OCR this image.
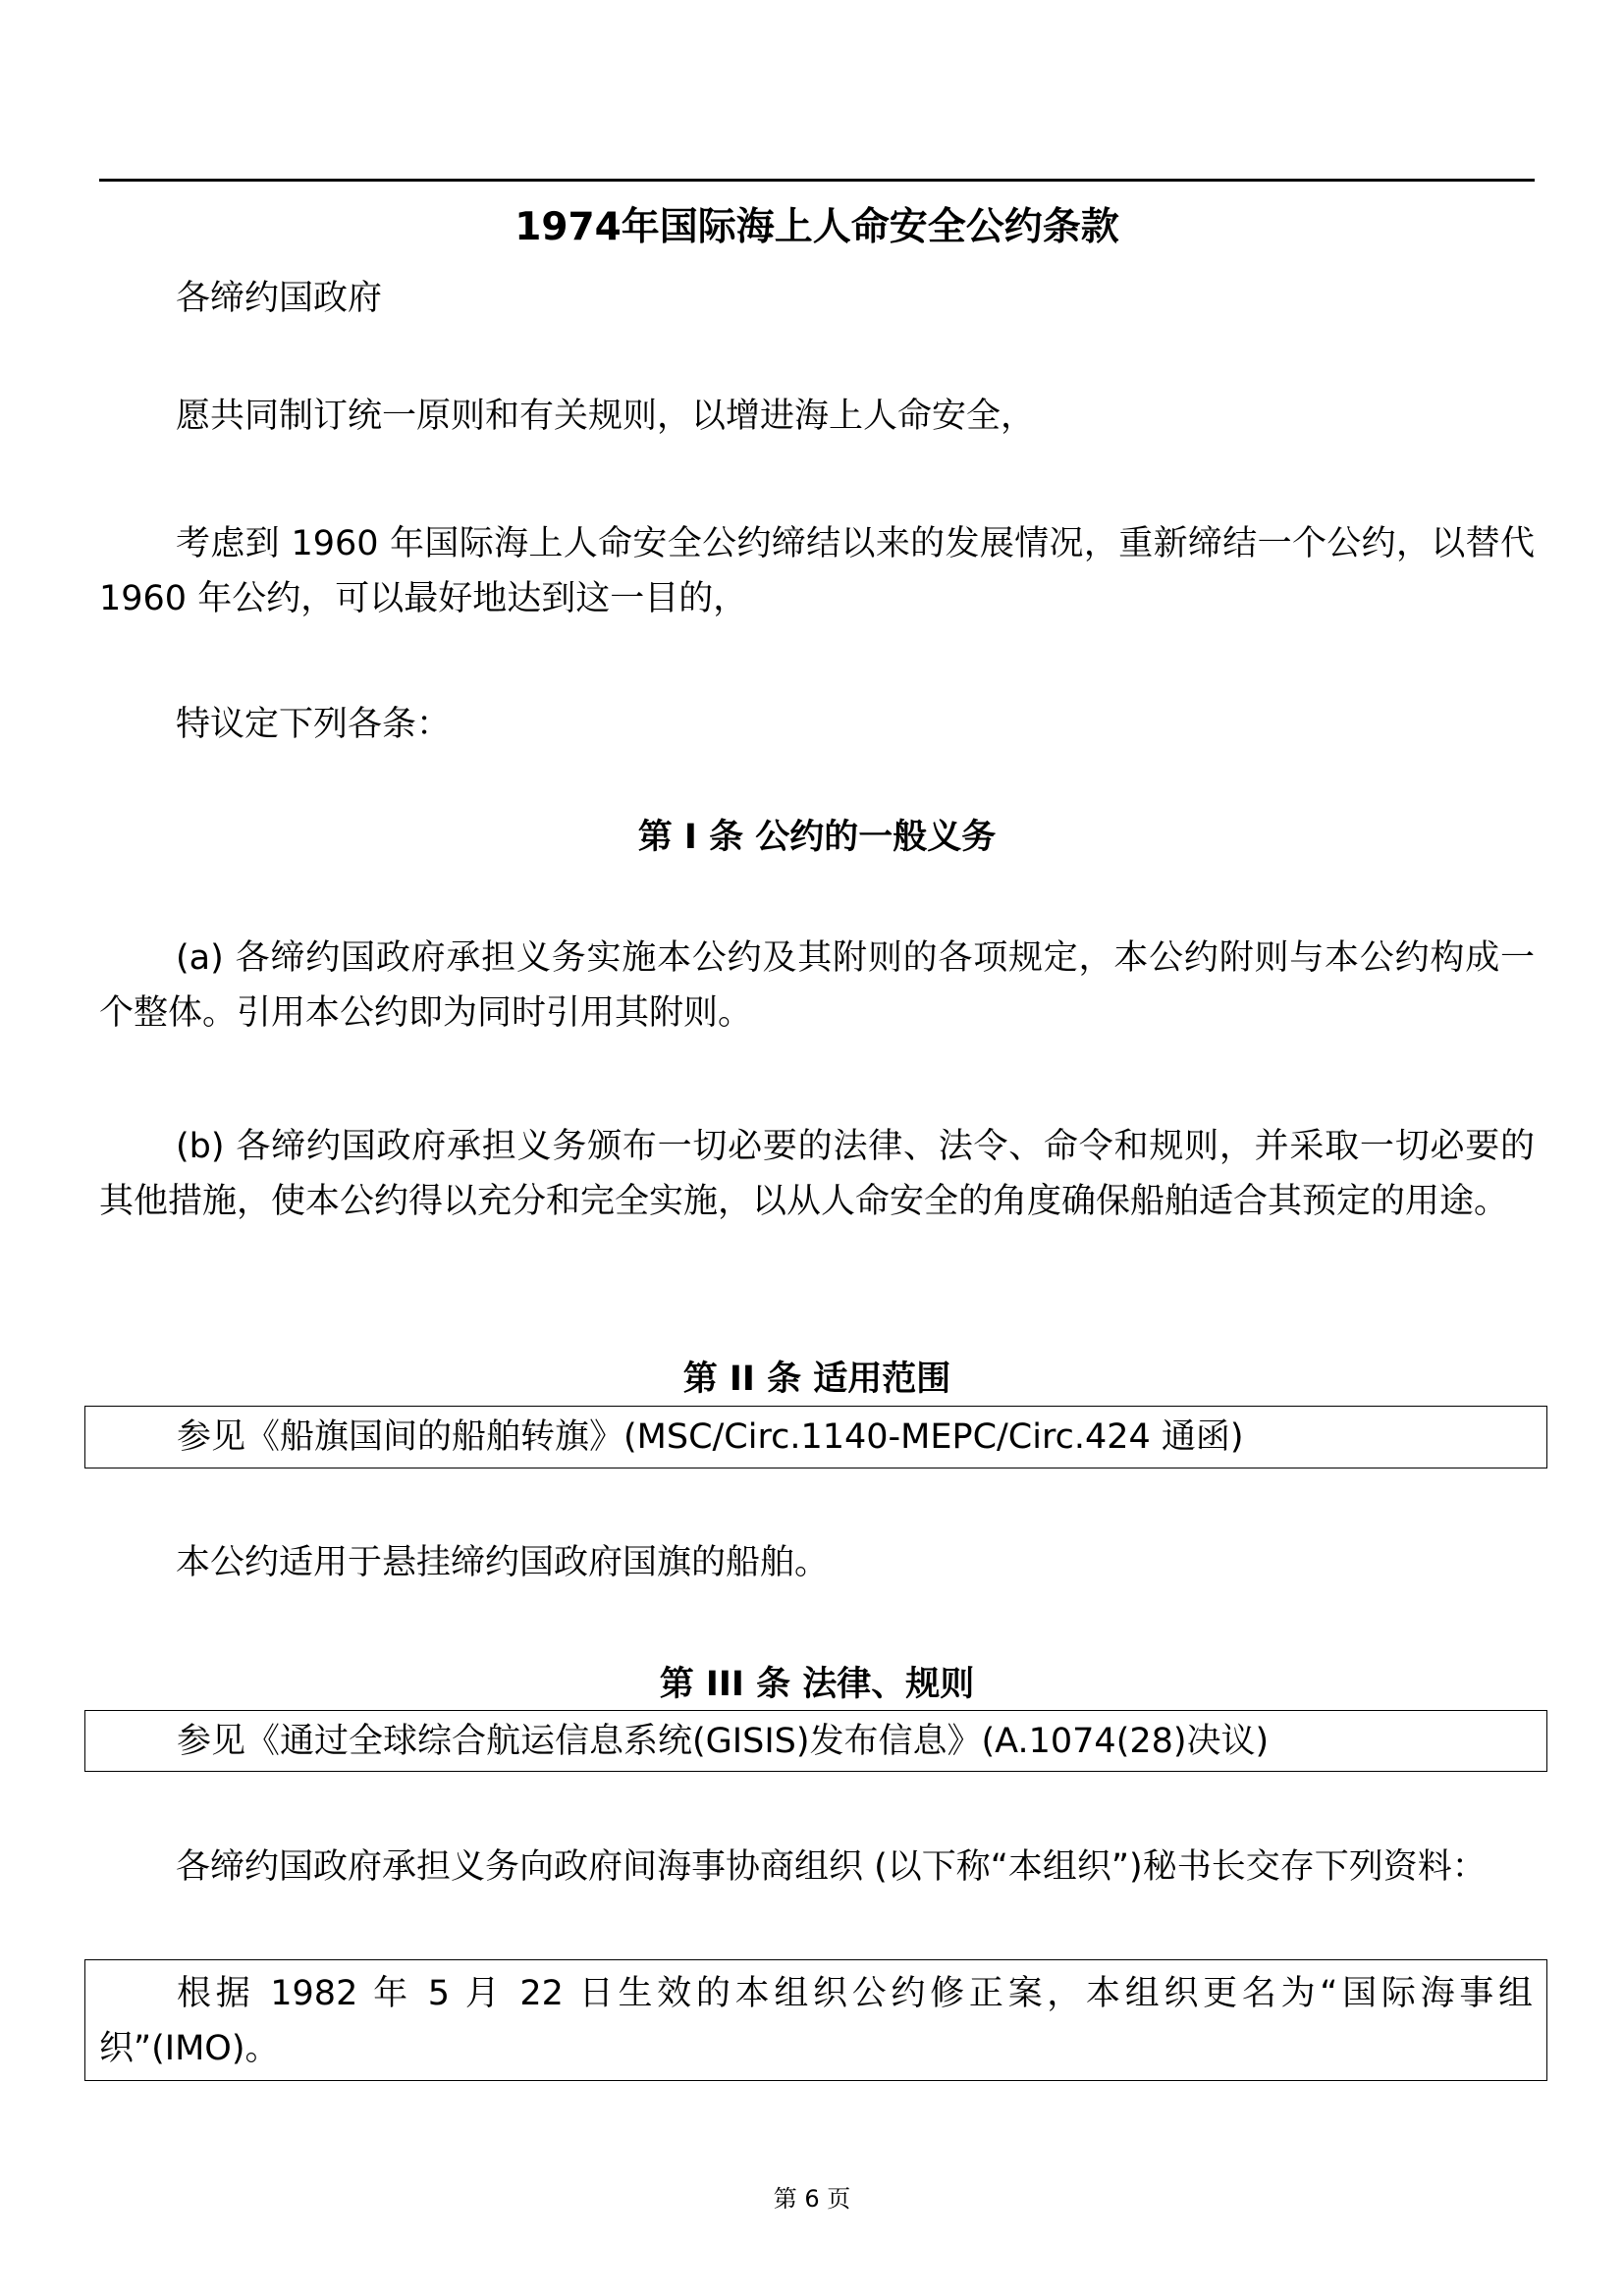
1974年国际海上人命安全公约条款
各缔约国政府
愿共同制订统一原则和有关规则，以增进海上人命安全，
考虑到 1960 年国际海上人命安全公约缔结以来的发展情况，重新缔结一个公约，以替代 1960 年公约，可以最好地达到这一目的，
特议定下列各条：
第 I 条 公约的一般义务
(a) 各缔约国政府承担义务实施本公约及其附则的各项规定，本公约附则与本公约构成一个整体。引用本公约即为同时引用其附则。
(b) 各缔约国政府承担义务颁布一切必要的法律、法令、命令和规则，并采取一切必要的其他措施，使本公约得以充分和完全实施，以从人命安全的角度确保船舶适合其预定的用途。
第 II 条 适用范围
参见《船旗国间的船舶转旗》(MSC/Circ.1140-MEPC/Circ.424 通函)
本公约适用于悬挂缔约国政府国旗的船舶。
第 III 条 法律、规则
参见《通过全球综合航运信息系统(GISIS)发布信息》(A.1074(28)决议)
各缔约国政府承担义务向政府间海事协商组织 (以下称“本组织”)秘书长交存下列资料：
根据 1982 年 5 月 22 日生效的本组织公约修正案，本组织更名为“国际海事组织”(IMO)。
第 6 页
